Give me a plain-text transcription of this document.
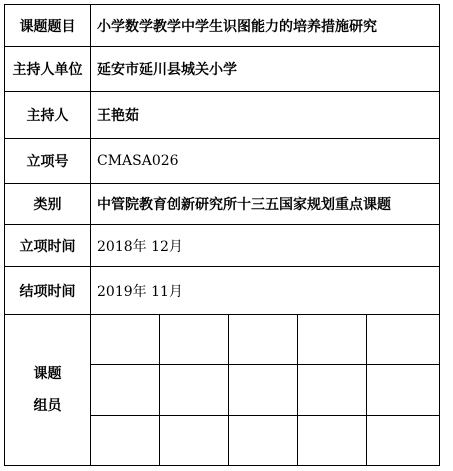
课题题目	小学数学教学中学生识图能力的培养措施研究				
主持人单位	延安市延川县城关小学				
主持人	王艳茹				
立项号	CMASA026				
类别	中管院教育创新研究所十三五国家规划重点课题				
立项时间	2018年 12月				
结项时间	2019年 11月				
课题
组员					
